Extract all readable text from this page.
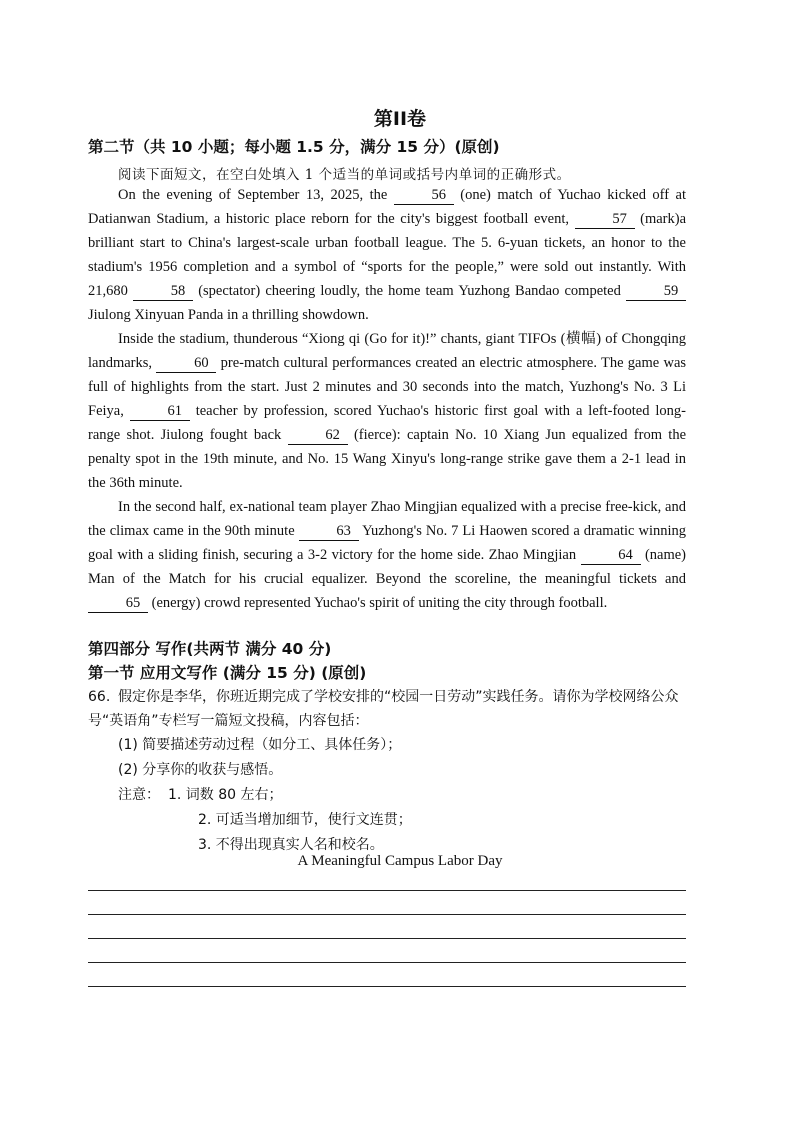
第II卷
第二节（共 10 小题；每小题 1.5 分，满分 15 分）(原创)
阅读下面短文，在空白处填入 1 个适当的单词或括号内单词的正确形式。

On the evening of September 13, 2025, the	56 (one) match of Yuchao kicked off at Datianwan Stadium, a historic place reborn for the city's biggest football event,	57 (mark)a brilliant start to China's largest-scale urban football league. The 5. 6-yuan tickets, an honor to the stadium's 1956 completion and a symbol of “sports for the people,” were sold out instantly. With 21,680	58 (spectator) cheering loudly, the home team Yuzhong Bandao competed	59 Jiulong Xinyuan Panda in a thrilling showdown.

Inside the stadium, thunderous “Xiong qi (Go for it)!” chants, giant TIFOs (横幅) of Chongqing landmarks,	60 pre-match cultural performances created an electric atmosphere. The game was full of highlights from the start. Just 2 minutes and 30 seconds into the match, Yuzhong's No. 3 Li Feiya,	61 teacher by profession, scored Yuchao's historic first goal with a left-footed long-range shot. Jiulong fought back	62 (fierce): captain No. 10 Xiang Jun equalized from the penalty spot in the 19th minute, and No. 15 Wang Xinyu's long-range strike gave them a 2-1 lead in the 36th minute.

In the second half, ex-national team player Zhao Mingjian equalized with a precise free-kick, and the climax came in the 90th minute	63 Yuzhong's No. 7 Li Haowen scored a dramatic winning goal with a sliding finish, securing a 3-2 victory for the home side. Zhao Mingjian	64 (name) Man of the Match for his crucial equalizer. Beyond the scoreline, the meaningful tickets and 65 (energy) crowd represented Yuchao's spirit of uniting the city through football.

第四部分 写作(共两节 满分 40 分)
第一节 应用文写作 (满分 15 分) (原创)
66. 假定你是李华，你班近期完成了学校安排的“校园一日劳动”实践任务。请你为学校网络公众号“英语角”专栏写一篇短文投稿，内容包括：
(1) 简要描述劳动过程（如分工、具体任务）；
(2) 分享你的收获与感悟。
注意： 1. 词数 80 左右；
2. 可适当增加细节，使行文连贯；
3. 不得出现真实人名和校名。
A Meaningful Campus Labor Day
